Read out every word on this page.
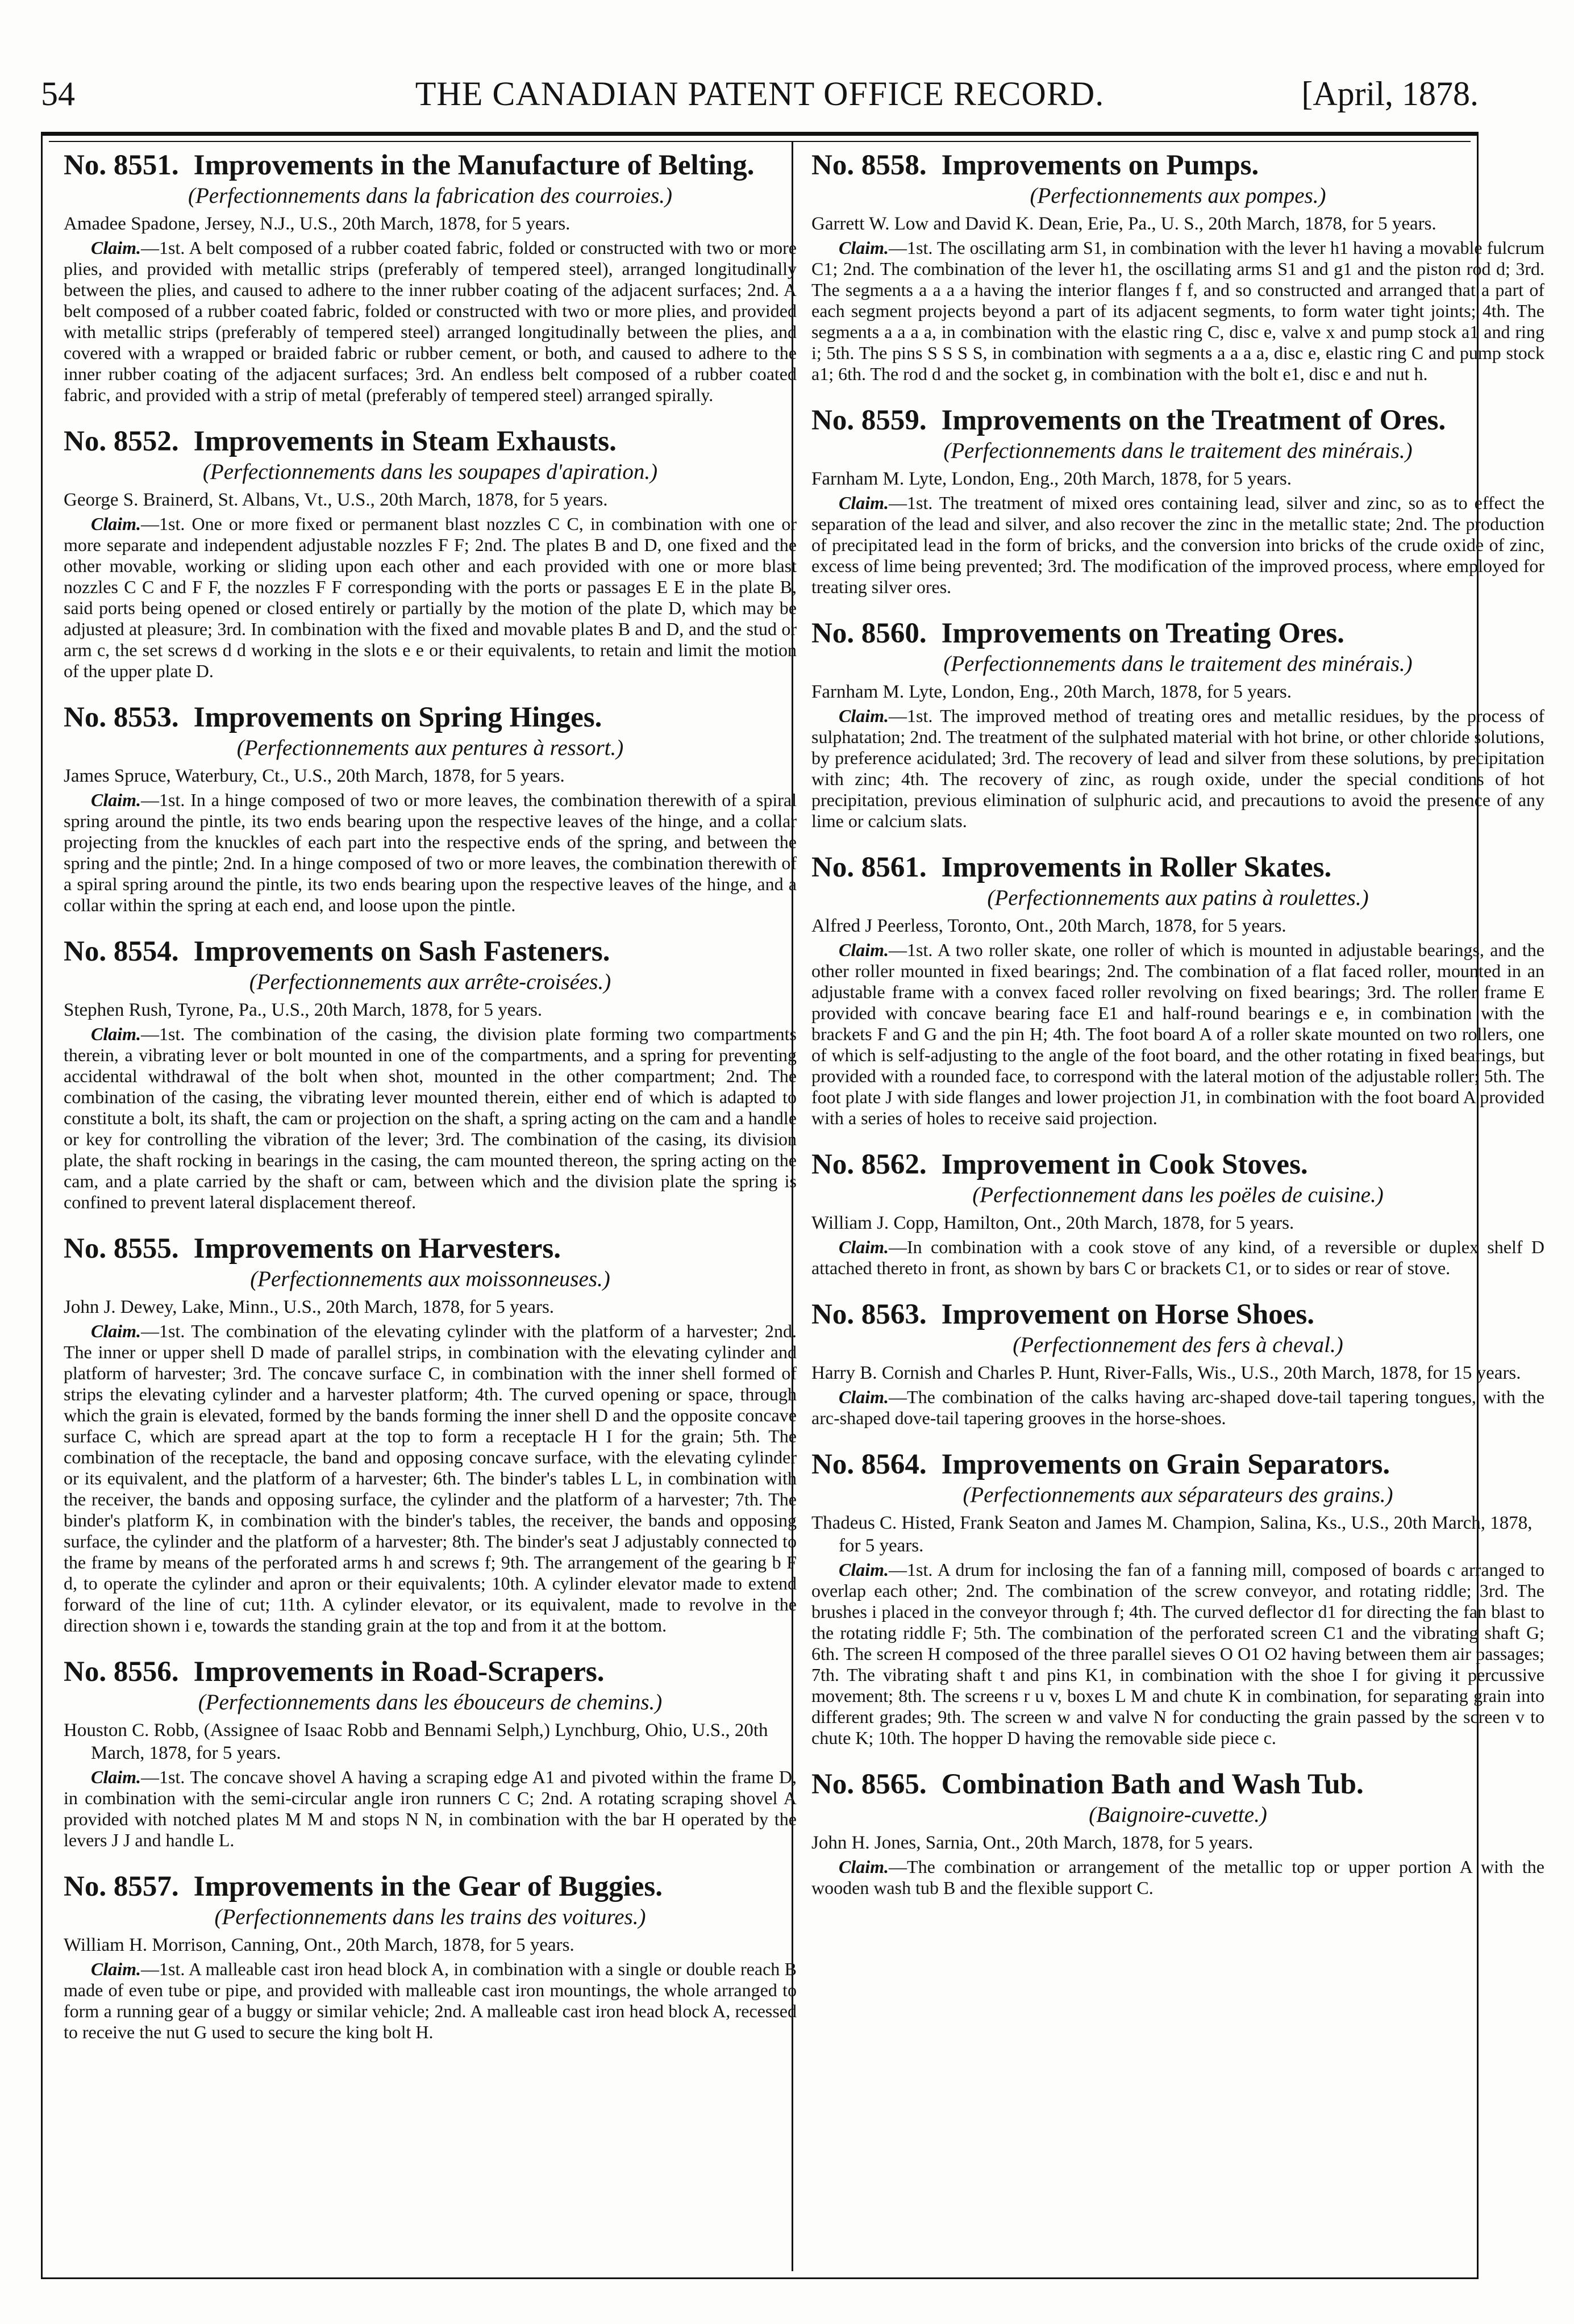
54	THE CANADIAN PATENT OFFICE RECORD.	[April, 1878.
No. 8551. Improvements in the Manufacture of Belting.
(Perfectionnements dans la fabrication des courroies.)
Amadee Spadone, Jersey, N.J., U.S., 20th March, 1878, for 5 years.
Claim.—1st. A belt composed of a rubber coated fabric, folded or constructed with two or more plies, and provided with metallic strips (preferably of tempered steel), arranged longitudinally between the plies, and caused to adhere to the inner rubber coating of the adjacent surfaces; 2nd. A belt composed of a rubber coated fabric, folded or constructed with two or more plies, and provided with metallic strips (preferably of tempered steel) arranged longitudinally between the plies, and covered with a wrapped or braided fabric or rubber cement, or both, and caused to adhere to the inner rubber coating of the adjacent surfaces; 3rd. An endless belt composed of a rubber coated fabric, and provided with a strip of metal (preferably of tempered steel) arranged spirally.
No. 8552. Improvements in Steam Exhausts.
(Perfectionnements dans les soupapes d'apiration.)
George S. Brainerd, St. Albans, Vt., U.S., 20th March, 1878, for 5 years.
Claim.—1st. One or more fixed or permanent blast nozzles C C, in combination with one or more separate and independent adjustable nozzles F F; 2nd. The plates B and D, one fixed and the other movable, working or sliding upon each other and each provided with one or more blast nozzles C C and F F, the nozzles F F corresponding with the ports or passages E E in the plate B, said ports being opened or closed entirely or partially by the motion of the plate D, which may be adjusted at pleasure; 3rd. In combination with the fixed and movable plates B and D, and the stud or arm c, the set screws d d working in the slots e e or their equivalents, to retain and limit the motion of the upper plate D.
No. 8553. Improvements on Spring Hinges.
(Perfectionnements aux pentures à ressort.)
James Spruce, Waterbury, Ct., U.S., 20th March, 1878, for 5 years.
Claim.—1st. In a hinge composed of two or more leaves, the combination therewith of a spiral spring around the pintle, its two ends bearing upon the respective leaves of the hinge, and a collar projecting from the knuckles of each part into the respective ends of the spring, and between the spring and the pintle; 2nd. In a hinge composed of two or more leaves, the combination therewith of a spiral spring around the pintle, its two ends bearing upon the respective leaves of the hinge, and a collar within the spring at each end, and loose upon the pintle.
No. 8554. Improvements on Sash Fasteners.
(Perfectionnements aux arrête-croisées.)
Stephen Rush, Tyrone, Pa., U.S., 20th March, 1878, for 5 years.
Claim.—1st. The combination of the casing, the division plate forming two compartments therein, a vibrating lever or bolt mounted in one of the compartments, and a spring for preventing accidental withdrawal of the bolt when shot, mounted in the other compartment; 2nd. The combination of the casing, the vibrating lever mounted therein, either end of which is adapted to constitute a bolt, its shaft, the cam or projection on the shaft, a spring acting on the cam and a handle or key for controlling the vibration of the lever; 3rd. The combination of the casing, its division plate, the shaft rocking in bearings in the casing, the cam mounted thereon, the spring acting on the cam, and a plate carried by the shaft or cam, between which and the division plate the spring is confined to prevent lateral displacement thereof.
No. 8555. Improvements on Harvesters.
(Perfectionnements aux moissonneuses.)
John J. Dewey, Lake, Minn., U.S., 20th March, 1878, for 5 years.
Claim.—1st. The combination of the elevating cylinder with the platform of a harvester; 2nd. The inner or upper shell D made of parallel strips, in combination with the elevating cylinder and platform of harvester; 3rd. The concave surface C, in combination with the inner shell formed of strips the elevating cylinder and a harvester platform; 4th. The curved opening or space, through which the grain is elevated, formed by the bands forming the inner shell D and the opposite concave surface C, which are spread apart at the top to form a receptacle H I for the grain; 5th. The combination of the receptacle, the band and opposing concave surface, with the elevating cylinder or its equivalent, and the platform of a harvester; 6th. The binder's tables L L, in combination with the receiver, the bands and opposing surface, the cylinder and the platform of a harvester; 7th. The binder's platform K, in combination with the binder's tables, the receiver, the bands and opposing surface, the cylinder and the platform of a harvester; 8th. The binder's seat J adjustably connected to the frame by means of the perforated arms h and screws f; 9th. The arrangement of the gearing b F d, to operate the cylinder and apron or their equivalents; 10th. A cylinder elevator made to extend forward of the line of cut; 11th. A cylinder elevator, or its equivalent, made to revolve in the direction shown i e, towards the standing grain at the top and from it at the bottom.
No. 8556. Improvements in Road-Scrapers.
(Perfectionnements dans les ébouceurs de chemins.)
Houston C. Robb, (Assignee of Isaac Robb and Bennami Selph,) Lynchburg, Ohio, U.S., 20th March, 1878, for 5 years.
Claim.—1st. The concave shovel A having a scraping edge A1 and pivoted within the frame D, in combination with the semi-circular angle iron runners C C; 2nd. A rotating scraping shovel A provided with notched plates M M and stops N N, in combination with the bar H operated by the levers J J and handle L.
No. 8557. Improvements in the Gear of Buggies.
(Perfectionnements dans les trains des voitures.)
William H. Morrison, Canning, Ont., 20th March, 1878, for 5 years.
Claim.—1st. A malleable cast iron head block A, in combination with a single or double reach B made of even tube or pipe, and provided with malleable cast iron mountings, the whole arranged to form a running gear of a buggy or similar vehicle; 2nd. A malleable cast iron head block A, recessed to receive the nut G used to secure the king bolt H.
No. 8558. Improvements on Pumps.
(Perfectionnements aux pompes.)
Garrett W. Low and David K. Dean, Erie, Pa., U. S., 20th March, 1878, for 5 years.
Claim.—1st. The oscillating arm S1, in combination with the lever h1 having a movable fulcrum C1; 2nd. The combination of the lever h1, the oscillating arms S1 and g1 and the piston rod d; 3rd. The segments a a a a having the interior flanges f f, and so constructed and arranged that a part of each segment projects beyond a part of its adjacent segments, to form water tight joints; 4th. The segments a a a a, in combination with the elastic ring C, disc e, valve x and pump stock a1 and ring i; 5th. The pins S S S S, in combination with segments a a a a, disc e, elastic ring C and pump stock a1; 6th. The rod d and the socket g, in combination with the bolt e1, disc e and nut h.
No. 8559. Improvements on the Treatment of Ores.
(Perfectionnements dans le traitement des minérais.)
Farnham M. Lyte, London, Eng., 20th March, 1878, for 5 years.
Claim.—1st. The treatment of mixed ores containing lead, silver and zinc, so as to effect the separation of the lead and silver, and also recover the zinc in the metallic state; 2nd. The production of precipitated lead in the form of bricks, and the conversion into bricks of the crude oxide of zinc, excess of lime being prevented; 3rd. The modification of the improved process, where employed for treating silver ores.
No. 8560. Improvements on Treating Ores.
(Perfectionnements dans le traitement des minérais.)
Farnham M. Lyte, London, Eng., 20th March, 1878, for 5 years.
Claim.—1st. The improved method of treating ores and metallic residues, by the process of sulphatation; 2nd. The treatment of the sulphated material with hot brine, or other chloride solutions, by preference acidulated; 3rd. The recovery of lead and silver from these solutions, by precipitation with zinc; 4th. The recovery of zinc, as rough oxide, under the special conditions of hot precipitation, previous elimination of sulphuric acid, and precautions to avoid the presence of any lime or calcium slats.
No. 8561. Improvements in Roller Skates.
(Perfectionnements aux patins à roulettes.)
Alfred J Peerless, Toronto, Ont., 20th March, 1878, for 5 years.
Claim.—1st. A two roller skate, one roller of which is mounted in adjustable bearings, and the other roller mounted in fixed bearings; 2nd. The combination of a flat faced roller, mounted in an adjustable frame with a convex faced roller revolving on fixed bearings; 3rd. The roller frame E provided with concave bearing face E1 and half-round bearings e e, in combination with the brackets F and G and the pin H; 4th. The foot board A of a roller skate mounted on two rollers, one of which is self-adjusting to the angle of the foot board, and the other rotating in fixed bearings, but provided with a rounded face, to correspond with the lateral motion of the adjustable roller; 5th. The foot plate J with side flanges and lower projection J1, in combination with the foot board A provided with a series of holes to receive said projection.
No. 8562. Improvement in Cook Stoves.
(Perfectionnement dans les poëles de cuisine.)
William J. Copp, Hamilton, Ont., 20th March, 1878, for 5 years.
Claim.—In combination with a cook stove of any kind, of a reversible or duplex shelf D attached thereto in front, as shown by bars C or brackets C1, or to sides or rear of stove.
No. 8563. Improvement on Horse Shoes.
(Perfectionnement des fers à cheval.)
Harry B. Cornish and Charles P. Hunt, River-Falls, Wis., U.S., 20th March, 1878, for 15 years.
Claim.—The combination of the calks having arc-shaped dove-tail tapering tongues, with the arc-shaped dove-tail tapering grooves in the horse-shoes.
No. 8564. Improvements on Grain Separators.
(Perfectionnements aux séparateurs des grains.)
Thadeus C. Histed, Frank Seaton and James M. Champion, Salina, Ks., U.S., 20th March, 1878, for 5 years.
Claim.—1st. A drum for inclosing the fan of a fanning mill, composed of boards c arranged to overlap each other; 2nd. The combination of the screw conveyor, and rotating riddle; 3rd. The brushes i placed in the conveyor through f; 4th. The curved deflector d1 for directing the fan blast to the rotating riddle F; 5th. The combination of the perforated screen C1 and the vibrating shaft G; 6th. The screen H composed of the three parallel sieves O O1 O2 having between them air passages; 7th. The vibrating shaft t and pins K1, in combination with the shoe I for giving it percussive movement; 8th. The screens r u v, boxes L M and chute K in combination, for separating grain into different grades; 9th. The screen w and valve N for conducting the grain passed by the screen v to chute K; 10th. The hopper D having the removable side piece c.
No. 8565. Combination Bath and Wash Tub.
(Baignoire-cuvette.)
John H. Jones, Sarnia, Ont., 20th March, 1878, for 5 years.
Claim.—The combination or arrangement of the metallic top or upper portion A with the wooden wash tub B and the flexible support C.
